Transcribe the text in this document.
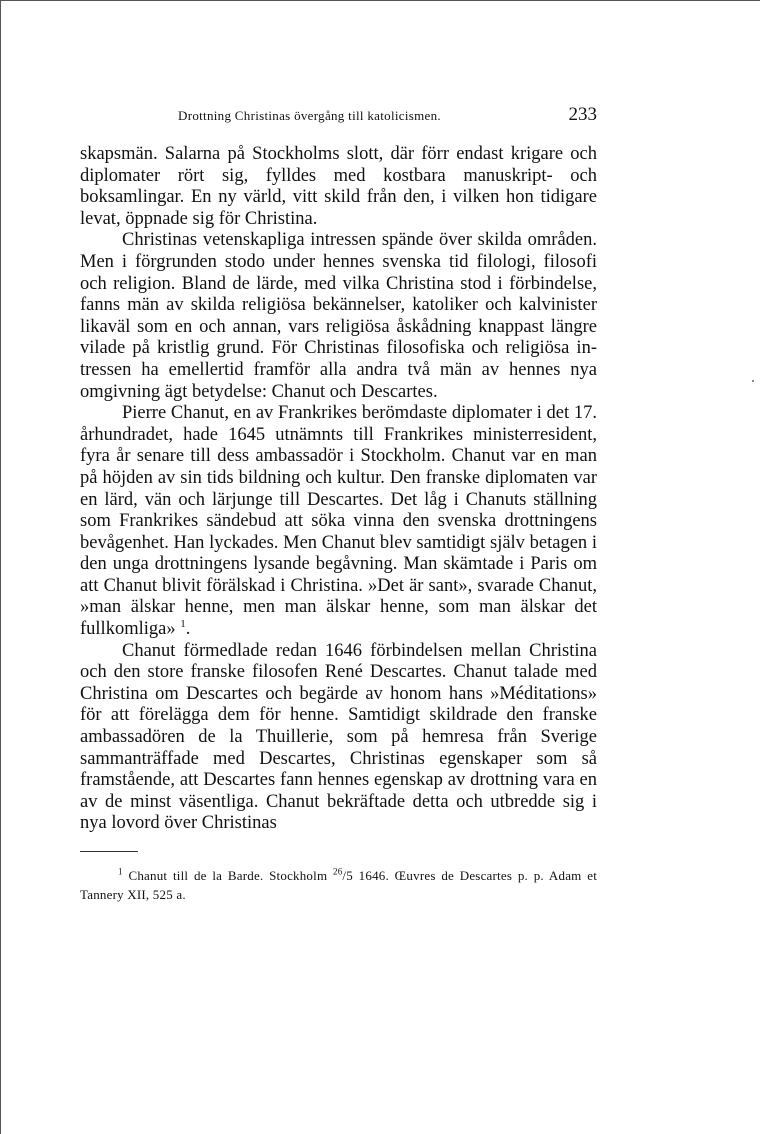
Drottning Christinas övergång till katolicismen.	233

skapsmän. Salarna på Stockholms slott, där förr endast krigare och diplomater rört sig, fylldes med kostbara manuskript- och boksamlingar. En ny värld, vitt skild från den, i vilken hon tidigare levat, öppnade sig för Christina.

Christinas vetenskapliga intressen spände över skilda områden. Men i förgrunden stodo under hennes svenska tid filologi, filosofi och religion. Bland de lärde, med vilka Christina stod i förbindelse, fanns män av skilda religiösa bekännelser, katoliker och kalvinister likaväl som en och annan, vars religiösa åskådning knappast längre vilade på kristlig grund. För Christinas filosofiska och religiösa intressen ha emellertid framför alla andra två män av hennes nya omgivning ägt betydelse: Chanut och Descartes.

Pierre Chanut, en av Frankrikes berömdaste diplomater i det 17. århundradet, hade 1645 utnämnts till Frankrikes ministerresident, fyra år senare till dess ambassadör i Stockholm. Chanut var en man på höjden av sin tids bildning och kultur. Den franske diplomaten var en lärd, vän och lärjunge till Descartes. Det låg i Chanuts ställning som Frankrikes sändebud att söka vinna den svenska drottningens bevågenhet. Han lyckades. Men Chanut blev samtidigt själv betagen i den unga drottningens lysande begåvning. Man skämtade i Paris om att Chanut blivit förälskad i Christina. »Det är sant», svarade Chanut, »man älskar henne, men man älskar henne, som man älskar det fullkomliga» $^1$.

Chanut förmedlade redan 1646 förbindelsen mellan Christina och den store franske filosofen René Descartes. Chanut talade med Christina om Descartes och begärde av honom hans »Méditations» för att förelägga dem för henne. Samtidigt skildrade den franske ambassadören de la Thuillerie, som på hemresa från Sverige sammanträffade med Descartes, Christinas egenskaper som så framstående, att Descartes fann hennes egenskap av drottning vara en av de minst väsentliga. Chanut bekräftade detta och utbredde sig i nya lovord över Christinas

$^1$ Chanut till de la Barde. Stockholm $^{26}$/5 1646. Œuvres de Descartes p. p. Adam et Tannery XII, 525 a.
